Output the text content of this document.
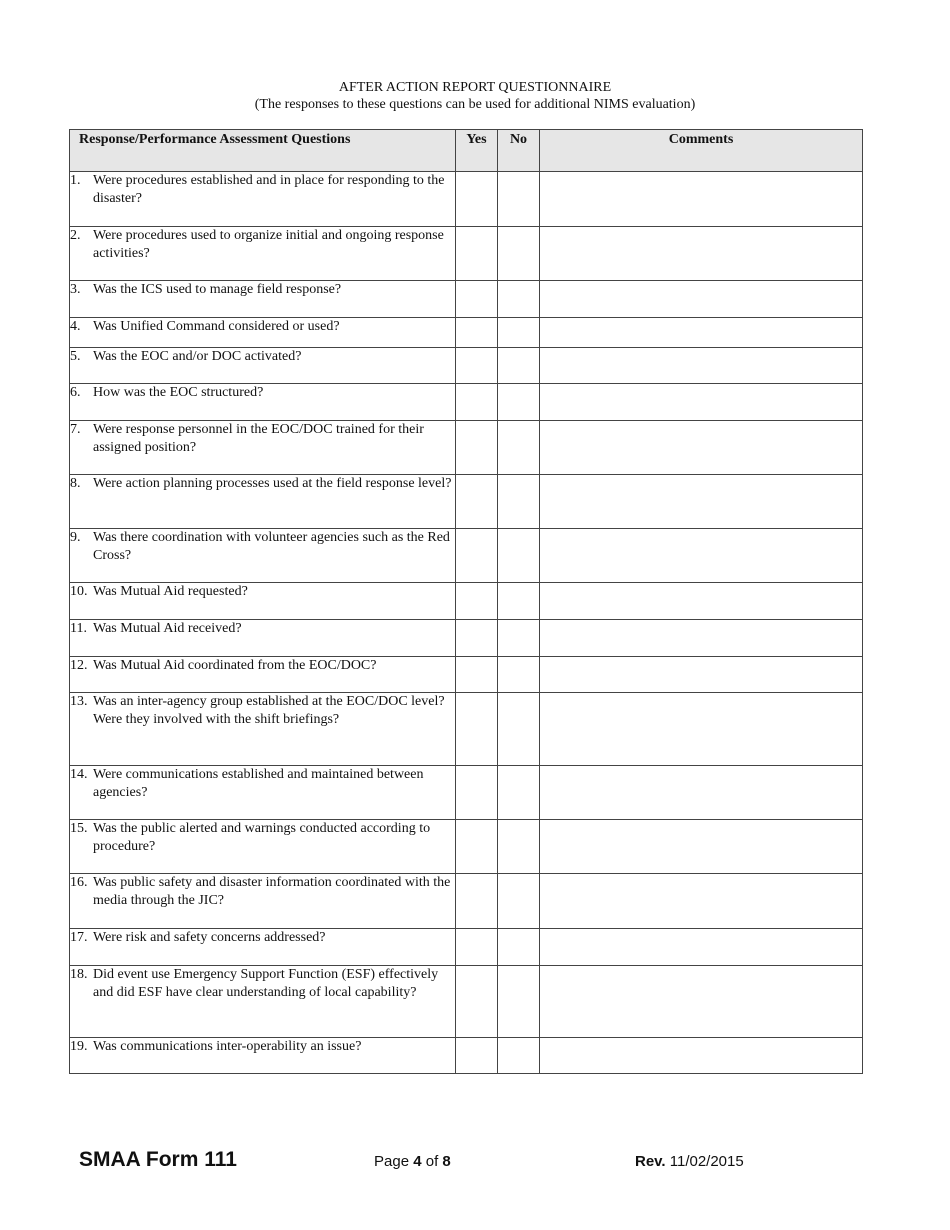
AFTER ACTION REPORT QUESTIONNAIRE
(The responses to these questions can be used for additional NIMS evaluation)
Response/Performance Assessment Questions	Yes	No	Comments

1. Were procedures established and in place for responding to the disaster?			

2. Were procedures used to organize initial and ongoing response activities?			

3. Was the ICS used to manage field response?			

4. Was Unified Command considered or used?			

5. Was the EOC and/or DOC activated?			

6. How was the EOC structured?			

7. Were response personnel in the EOC/DOC trained for their assigned position?			

8. Were action planning processes used at the field response level?			

9. Was there coordination with volunteer agencies such as the Red Cross?			

10. Was Mutual Aid requested?			

11. Was Mutual Aid received?			

12. Was Mutual Aid coordinated from the EOC/DOC?			

13. Was an inter-agency group established at the EOC/DOC level? Were they involved with the shift briefings?			

14. Were communications established and maintained between agencies?			

15. Was the public alerted and warnings conducted according to procedure?			

16. Was public safety and disaster information coordinated with the media through the JIC?			

17. Were risk and safety concerns addressed?			

18. Did event use Emergency Support Function (ESF) effectively and did ESF have clear understanding of local capability?			

19. Was communications inter-operability an issue?			

SMAA Form 111	Page 4 of 8	Rev. 11/02/2015
